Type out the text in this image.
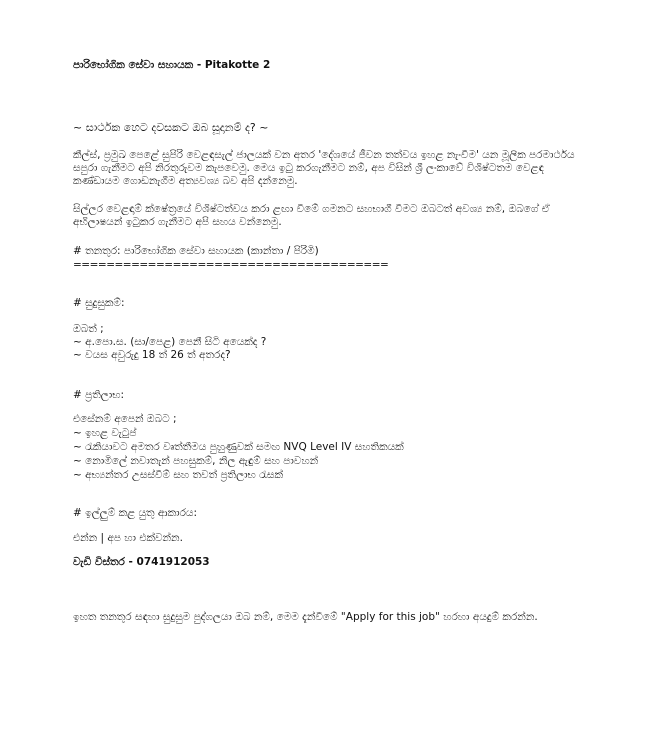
පාරිභෝගික සේවා සහායක - Pitakotte 2
~ සාර්ථක හෙට දවසකට ඔබ සූදානම් ද? ~
කීල්ස්, ප්‍රමුඛ පෙළේ සුපිරි වෙළඳසැල් ජාලයක් වන අතර 'දේශයේ ජීවන තත්වය ඉහළ නැංවීම' යන මූලික පරමාර්ථය
සපුරා ගැනීමට අපි නිරතුරුවම කැපවෙමු. මෙය ඉටු කරගැනීමට නම්, අප විසින් ශ්‍රී ලංකාවේ විශිෂ්ටතම වෙළඳ
කණ්ඩායම ගොඩනැගීම අත්‍යවශ්‍ය බව අපි දන්නෙමු.
සිල්ලර වෙළඳාම් ක්ෂේත්‍රයේ විශිෂ්ටත්වය කරා ළඟා වීමේ ගමනට සහභාගී වීමට ඔබටත් අවශ්‍ය නම්, ඔබගේ ඒ
අභිලාෂයන් ඉටුකර ගැනීමට අපි සහය වන්නෙමු.
# තනතුර: පාරිභෝගික සේවා සහායක (කාන්තා / පිරිමි)
======================================
# සුදුසුකම්:
ඔබත් ;
~ අ.පො.ස. (සා/පෙළ) පෙනී සිටි අයෙක්ද ?
~ වයස අවුරුදු 18 ත් 26 ත් අතරද?
# ප්‍රතිලාභ:
එසේනම් අපෙන් ඔබට ;
~ ඉහළ වැටුප්
~ රැකියාවට අමතර වෘත්තීමය පුහුණුවක් සමඟ NVQ Level IV සහතිකයක්
~ නොමිලේ නවාතැන් පහසුකම්, නිල ඇඳුම් සහ පාවහන්
~ අභ්‍යන්තර උසස්වීම් සහ තවත් ප්‍රතිලාභ රැසක්
# ඉල්ලුම් කළ යුතු ආකාරය:
එන්න | අප හා එක්වන්න.
වැඩි විස්තර - 0741912053
ඉහත තනතුර සඳහා සුදුසුම පුද්ගලයා ඔබ නම්, මෙම දැන්වීමේ "Apply for this job" හරහා අයදුම් කරන්න.
